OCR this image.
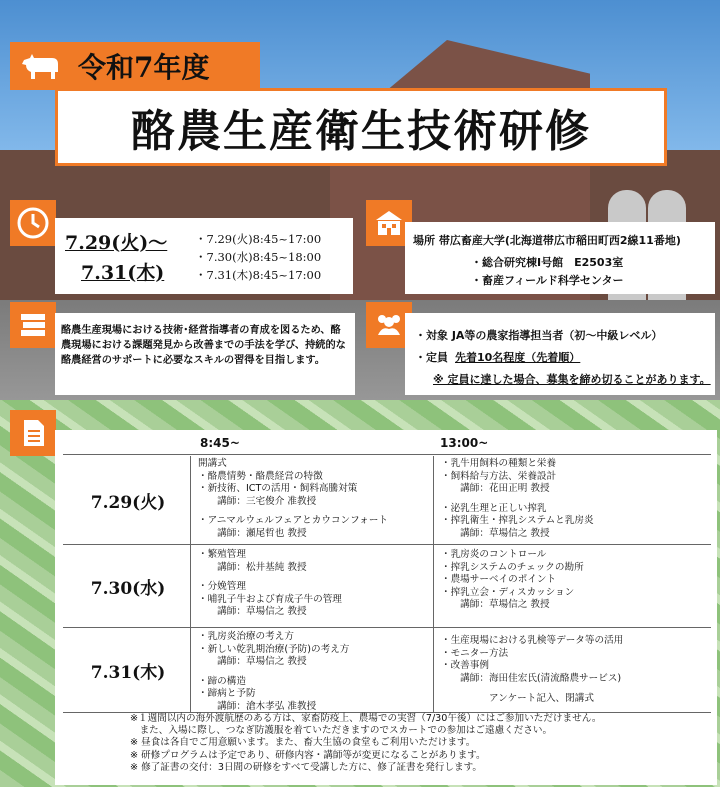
令和7年度
酪農生産衛生技術研修
7.29(火)〜
7.31(木)
・7.29(火)8:45~17:00
・7.30(水)8:45~18:00
・7.31(木)8:45~17:00
場所 帯広畜産大学(北海道帯広市稲田町西2線11番地)
・総合研究棟Ⅰ号館　E2503室
・畜産フィールド科学センター
酪農生産現場における技術･経営指導者の育成を図るため、酪農現場における課題発見から改善までの手法を学び、持続的な酪農経営のサポートに必要なスキルの習得を目指します。
・対象 JA等の農家指導担当者（初〜中級レベル）
・定員 先着10名程度（先着順）
※ 定員に達した場合、募集を締め切ることがあります。
8:45~	13:00~
7.29(火)
開講式
・酪農情勢・酪農経営の特徴
・新技術、ICTの活用・飼料高騰対策
　　講師：三宅俊介 准教授
・アニマルウェルフェアとカウコンフォート
　　講師：瀬尾哲也 教授
・乳牛用飼料の種類と栄養
・飼料給与方法、栄養設計
　　講師：花田正明 教授
・泌乳生理と正しい搾乳
・搾乳衛生・搾乳システムと乳房炎
　　講師：草場信之 教授
7.30(水)
・繁殖管理
　　講師：松井基純 教授
・分娩管理
・哺乳子牛および育成子牛の管理
　　講師：草場信之 教授
・乳房炎のコントロール
・搾乳システムのチェックの勘所
・農場サーベイのポイント
・搾乳立会・ディスカッション
　　講師：草場信之 教授
7.31(木)
・乳房炎治療の考え方
・新しい乾乳期治療(予防)の考え方
　　講師：草場信之 教授
・蹄の構造
・蹄病と予防
　　講師：滄木孝弘 准教授
・生産現場における乳検等データ等の活用
・モニター方法
・改善事例
　　講師：海田佳宏氏(清流酪農サービス)
　　　　　アンケート記入、閉講式
※１週間以内の海外渡航歴のある方は、家畜防疫上、農場での実習（7/30午後）にはご参加いただけません。
　また、入場に際し、つなぎ防護服を着ていただきますのでスカートでの参加はご遠慮ください。
※ 昼食は各自でご用意願います。また、畜大生協の食堂もご利用いただけます。
※ 研修プログラムは予定であり、研修内容・講師等が変更になることがあります。
※ 修了証書の交付：3日間の研修をすべて受講した方に、修了証書を発行します。
